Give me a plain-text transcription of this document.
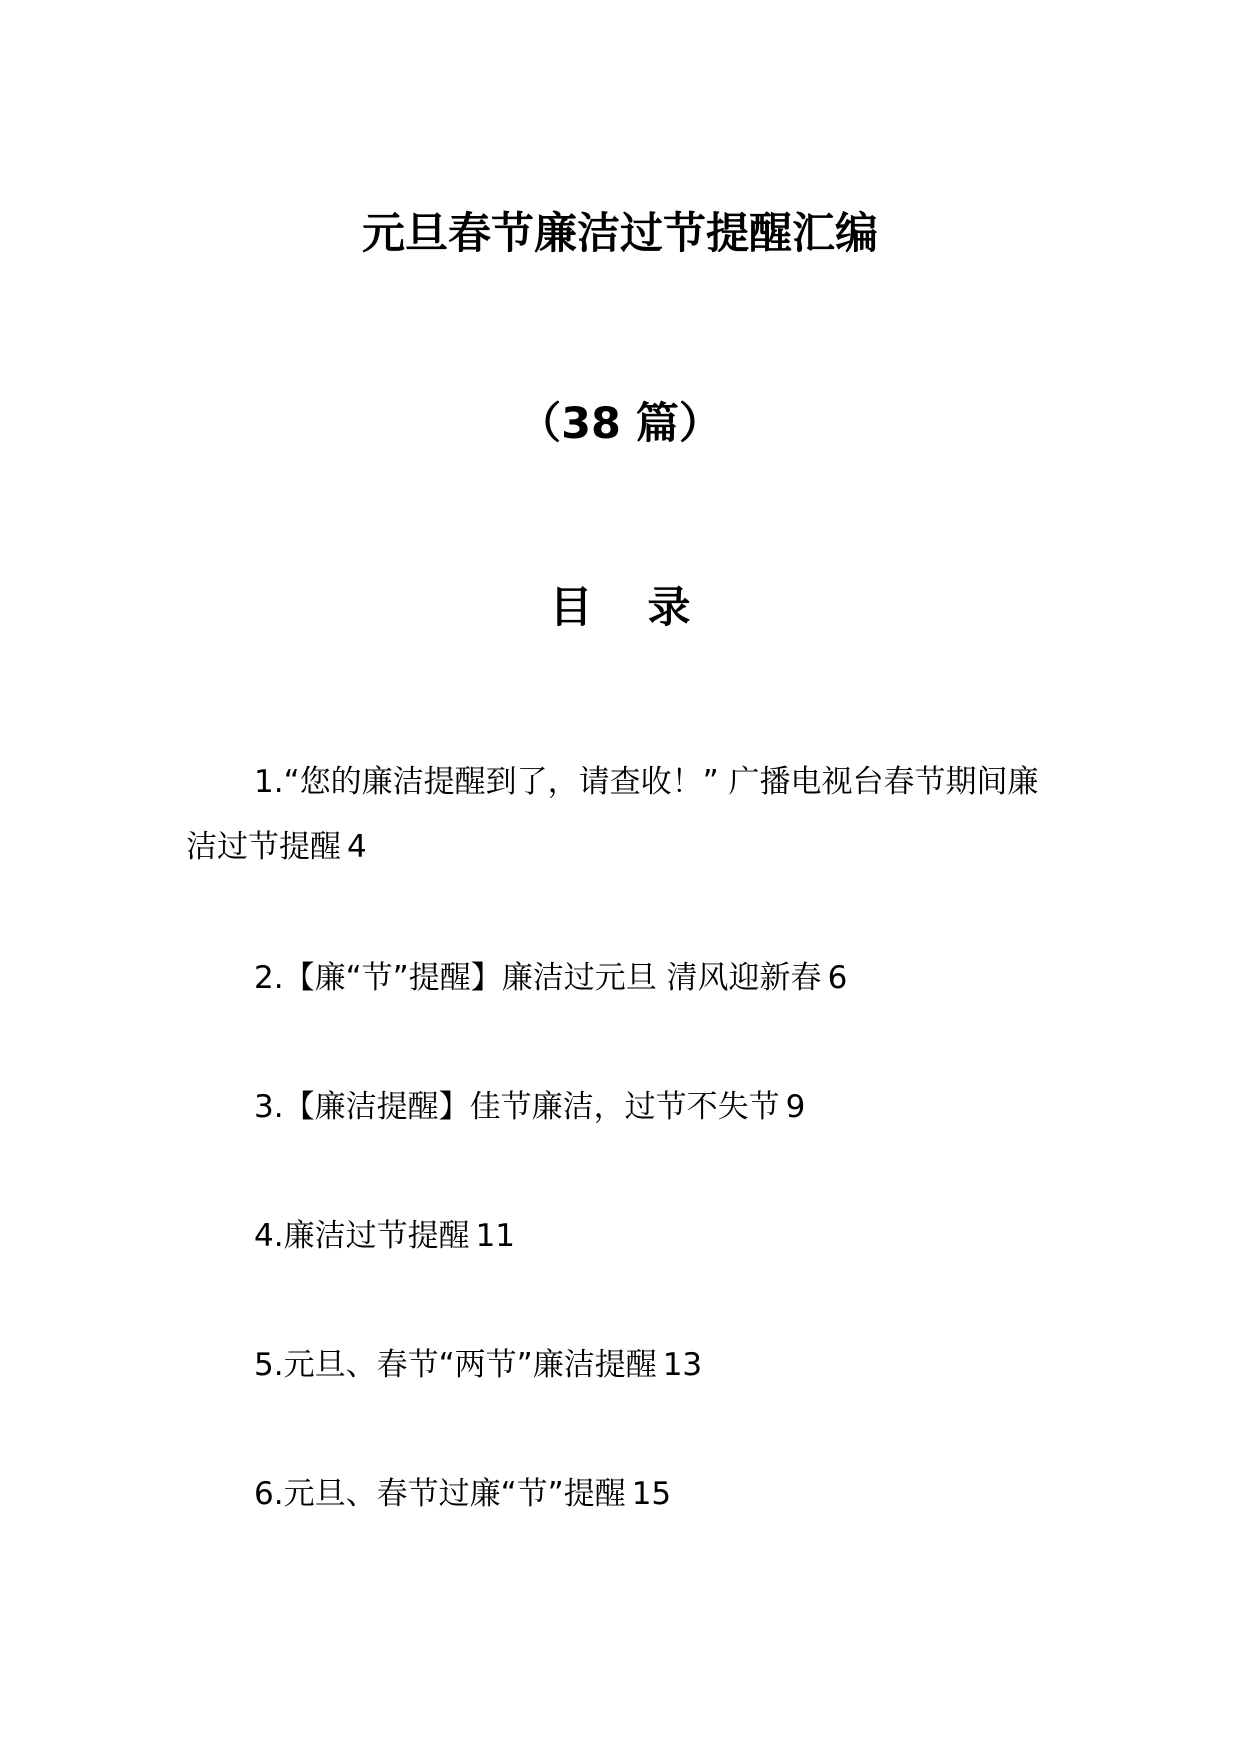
元旦春节廉洁过节提醒汇编
（38 篇）
目 录
1.“您的廉洁提醒到了，请查收！” 广播电视台春节期间廉洁过节提醒 4
2.【廉“节”提醒】廉洁过元旦 清风迎新春 6
3.【廉洁提醒】佳节廉洁，过节不失节 9
4.廉洁过节提醒 11
5.元旦、春节“两节”廉洁提醒 13
6.元旦、春节过廉“节”提醒 15
